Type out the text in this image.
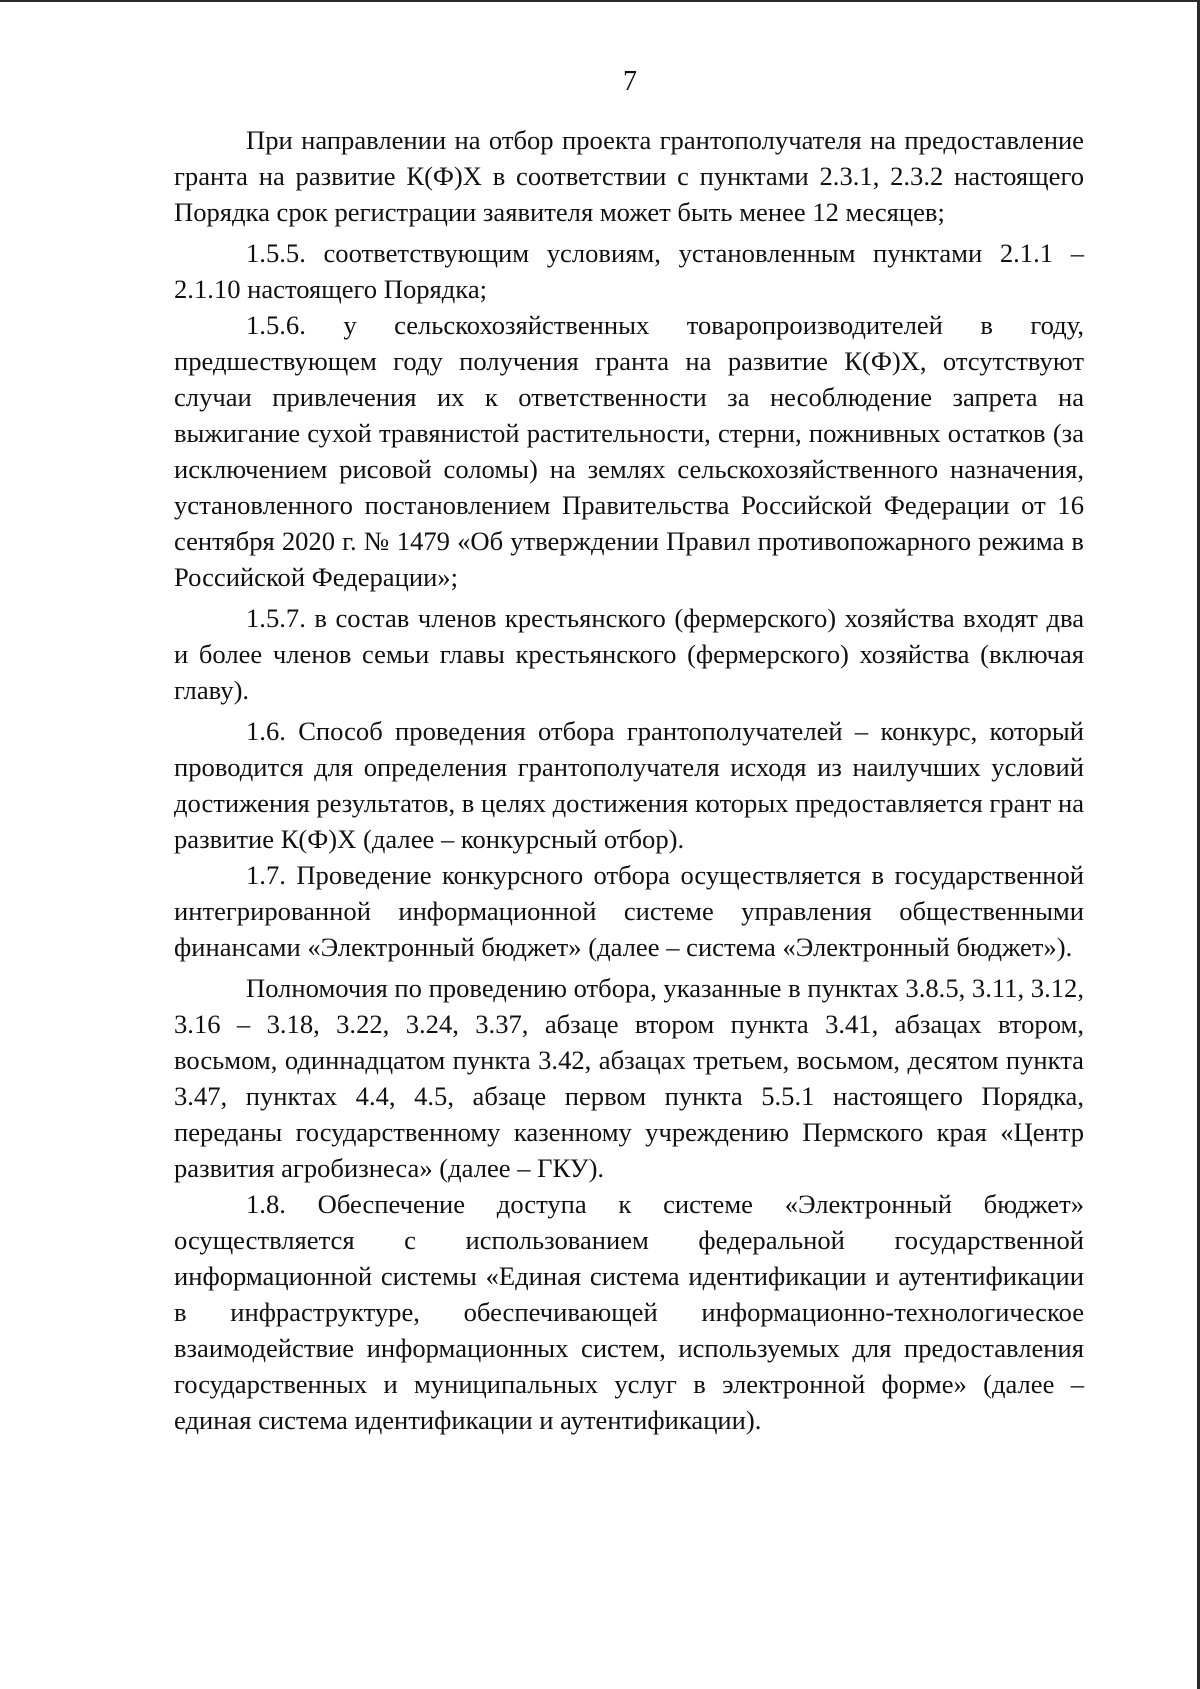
7

При направлении на отбор проекта грантополучателя на предоставление гранта на развитие К(Ф)Х в соответствии с пунктами 2.3.1, 2.3.2 настоящего Порядка срок регистрации заявителя может быть менее 12 месяцев;

1.5.5. соответствующим условиям, установленным пунктами 2.1.1 – 2.1.10 настоящего Порядка;

1.5.6. у сельскохозяйственных товаропроизводителей в году, предшествующем году получения гранта на развитие К(Ф)Х, отсутствуют случаи привлечения их к ответственности за несоблюдение запрета на выжигание сухой травянистой растительности, стерни, пожнивных остатков (за исключением рисовой соломы) на землях сельскохозяйственного назначения, установленного постановлением Правительства Российской Федерации от 16 сентября 2020 г. № 1479 «Об утверждении Правил противопожарного режима в Российской Федерации»;

1.5.7. в состав членов крестьянского (фермерского) хозяйства входят два и более членов семьи главы крестьянского (фермерского) хозяйства (включая главу).

1.6. Способ проведения отбора грантополучателей – конкурс, который проводится для определения грантополучателя исходя из наилучших условий достижения результатов, в целях достижения которых предоставляется грант на развитие К(Ф)Х (далее – конкурсный отбор).

1.7. Проведение конкурсного отбора осуществляется в государственной интегрированной информационной системе управления общественными финансами «Электронный бюджет» (далее – система «Электронный бюджет»).

Полномочия по проведению отбора, указанные в пунктах 3.8.5, 3.11, 3.12, 3.16 – 3.18, 3.22, 3.24, 3.37, абзаце втором пункта 3.41, абзацах втором, восьмом, одиннадцатом пункта 3.42, абзацах третьем, восьмом, десятом пункта 3.47, пунктах 4.4, 4.5, абзаце первом пункта 5.5.1 настоящего Порядка, переданы государственному казенному учреждению Пермского края «Центр развития агробизнеса» (далее – ГКУ).

1.8. Обеспечение доступа к системе «Электронный бюджет» осуществляется с использованием федеральной государственной информационной системы «Единая система идентификации и аутентификации в инфраструктуре, обеспечивающей информационно-технологическое взаимодействие информационных систем, используемых для предоставления государственных и муниципальных услуг в электронной форме» (далее – единая система идентификации и аутентификации).
